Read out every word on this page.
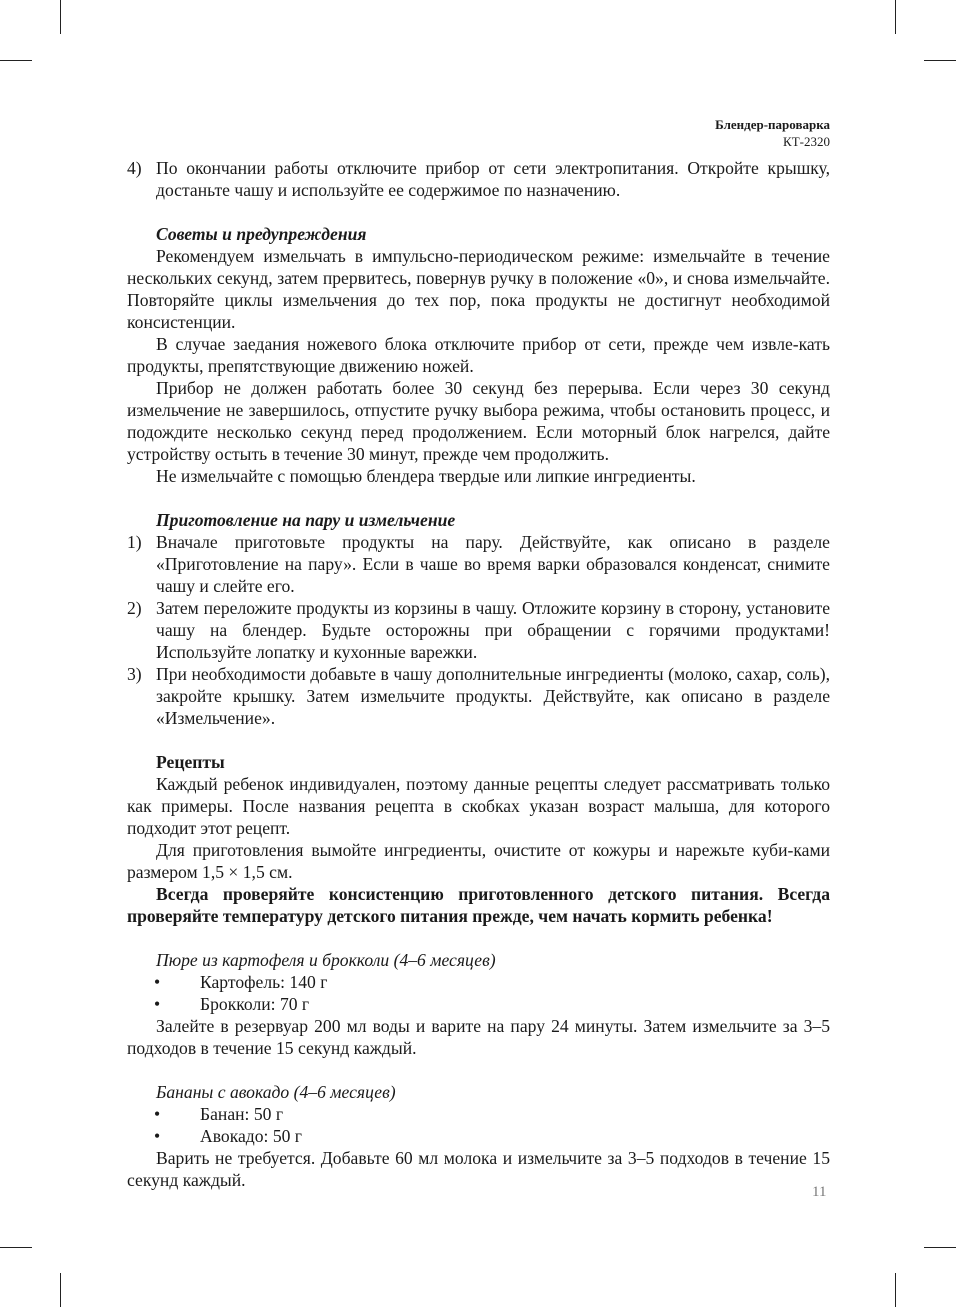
Блендер-пароварка
КТ-2320
4) По окончании работы отключите прибор от сети электропитания. Откройте крышку, достаньте чашу и используйте ее содержимое по назначению.

Советы и предупреждения

Рекомендуем измельчать в импульсно-периодическом режиме: измельчайте в течение нескольких секунд, затем прервитесь, повернув ручку в положение «0», и снова измельчайте. Повторяйте циклы измельчения до тех пор, пока продукты не достигнут необходимой консистенции.

В случае заедания ножевого блока отключите прибор от сети, прежде чем извле-кать продукты, препятствующие движению ножей.

Прибор не должен работать более 30 секунд без перерыва. Если через 30 секунд измельчение не завершилось, отпустите ручку выбора режима, чтобы остановить процесс, и подождите несколько секунд перед продолжением. Если моторный блок нагрелся, дайте устройству остыть в течение 30 минут, прежде чем продолжить.

Не измельчайте с помощью блендера твердые или липкие ингредиенты.

Приготовление на пару и измельчение

1) Вначале приготовьте продукты на пару. Действуйте, как описано в разделе «Приготовление на пару». Если в чаше во время варки образовался конденсат, снимите чашу и слейте его.
2) Затем переложите продукты из корзины в чашу. Отложите корзину в сторону, установите чашу на блендер. Будьте осторожны при обращении с горячими продуктами! Используйте лопатку и кухонные варежки.
3) При необходимости добавьте в чашу дополнительные ингредиенты (молоко, сахар, соль), закройте крышку. Затем измельчите продукты. Действуйте, как описано в разделе «Измельчение».

Рецепты

Каждый ребенок индивидуален, поэтому данные рецепты следует рассматривать только как примеры. После названия рецепта в скобках указан возраст малыша, для которого подходит этот рецепт.

Для приготовления вымойте ингредиенты, очистите от кожуры и нарежьте куби-ками размером 1,5 × 1,5 см.

Всегда проверяйте консистенцию приготовленного детского питания. Всегда проверяйте температуру детского питания прежде, чем начать кормить ребенка!

Пюре из картофеля и брокколи (4–6 месяцев)

• Картофель: 140 г
• Брокколи: 70 г

Залейте в резервуар 200 мл воды и варите на пару 24 минуты. Затем измельчите за 3–5 подходов в течение 15 секунд каждый.

Бананы с авокадо (4–6 месяцев)

• Банан: 50 г
• Авокадо: 50 г

Варить не требуется. Добавьте 60 мл молока и измельчите за 3–5 подходов в течение 15 секунд каждый.

11
